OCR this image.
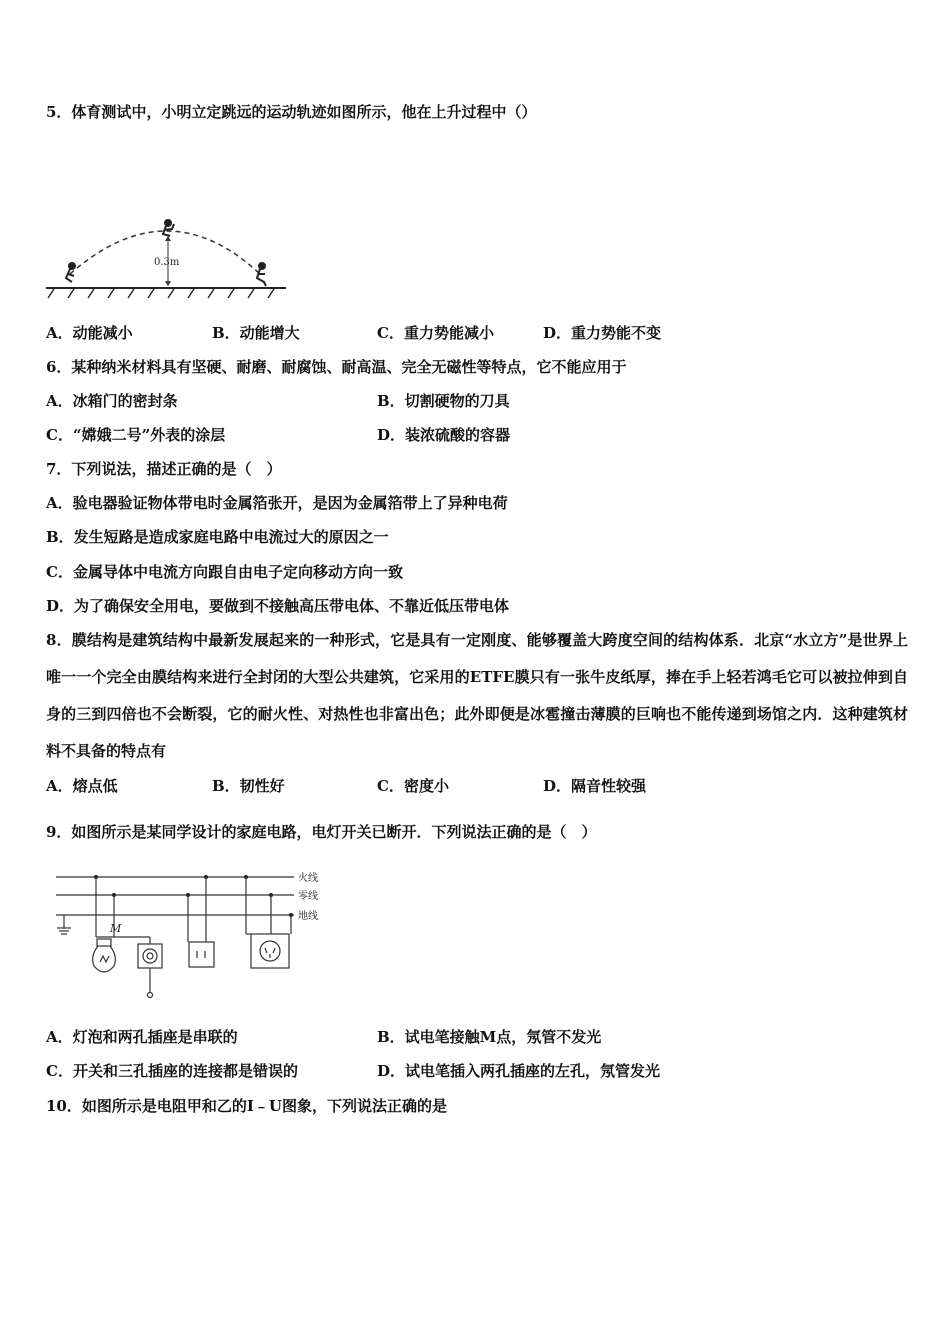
5．体育测试中，小明立定跳远的运动轨迹如图所示，他在上升过程中（）
0.3m
A．动能减小	B．动能增大	C．重力势能减小	D．重力势能不变
6．某种纳米材料具有坚硬、耐磨、耐腐蚀、耐高温、完全无磁性等特点，它不能应用于
A．冰箱门的密封条	B．切割硬物的刀具
C．“嫦娥二号”外表的涂层	D．装浓硫酸的容器
7．下列说法，描述正确的是（　）
A．验电器验证物体带电时金属箔张开，是因为金属箔带上了异种电荷
B．发生短路是造成家庭电路中电流过大的原因之一
C．金属导体中电流方向跟自由电子定向移动方向一致
D．为了确保安全用电，要做到不接触高压带电体、不靠近低压带电体
8．膜结构是建筑结构中最新发展起来的一种形式，它是具有一定刚度、能够覆盖大跨度空间的结构体系．北京“水立方”是世界上唯一一个完全由膜结构来进行全封闭的大型公共建筑，它采用的ETFE膜只有一张牛皮纸厚，捧在手上轻若鸿毛它可以被拉伸到自身的三到四倍也不会断裂，它的耐火性、对热性也非富出色；此外即便是冰雹撞击薄膜的巨响也不能传递到场馆之内．这种建筑材料不具备的特点有
A．熔点低	B．韧性好	C．密度小	D．隔音性较强
9．如图所示是某同学设计的家庭电路，电灯开关已断开．下列说法正确的是（　）
火线
零线
地线
M
A．灯泡和两孔插座是串联的	B．试电笔接触M点，氖管不发光
C．开关和三孔插座的连接都是错误的	D．试电笔插入两孔插座的左孔，氖管发光
10．如图所示是电阻甲和乙的I﹣U图象，下列说法正确的是
